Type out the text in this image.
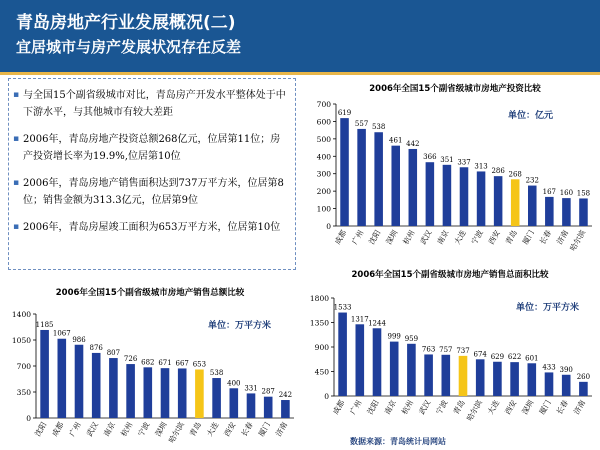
青岛房地产行业发展概况(二)
宜居城市与房产发展状况存在反差
▪ 与全国15个副省级城市对比，青岛房产开发水平整体处于中下游水平，与其他城市有较大差距
▪ 2006年，青岛房地产投资总额268亿元，位居第11位；房产投资增长率为19.9%,位居第10位
▪ 2006年，青岛房地产销售面积达到737万平方米，位居第8位；销售金额为313.3亿元，位居第9位
▪ 2006年，青岛房屋竣工面积为653万平方米，位居第10位
2006年全国15个副省级城市房地产投资比较
单位：亿元
0
100
200
300
400
500
600
700
619
成都
557
广州
538
沈阳
461
深圳
442
杭州
366
武汉
351
南京
337
大连
313
宁波
286
西安
268
青岛
232
厦门
167
长春
160
济南
158
哈尔滨
2006年全国15个副省级城市房地产销售总额比较
单位：万平方米
0
350
700
1050
1400
1185
沈阳
1067
成都
986
广州
876
武汉
807
南京
726
杭州
682
宁波
671
深圳
667
哈尔滨
653
青岛
538
大连
400
西安
331
长春
287
厦门
242
济南
2006年全国15个副省级城市房地产销售总面积比较
单位：万平方米
0
450
900
1350
1800
1533
成都
1317
广州
1244
沈阳
999
南京
959
杭州
763
武汉
757
宁波
737
青岛
674
哈尔滨
629
大连
622
西安
601
深圳
433
厦门
390
长春
260
济南
数据来源：青岛统计局网站
